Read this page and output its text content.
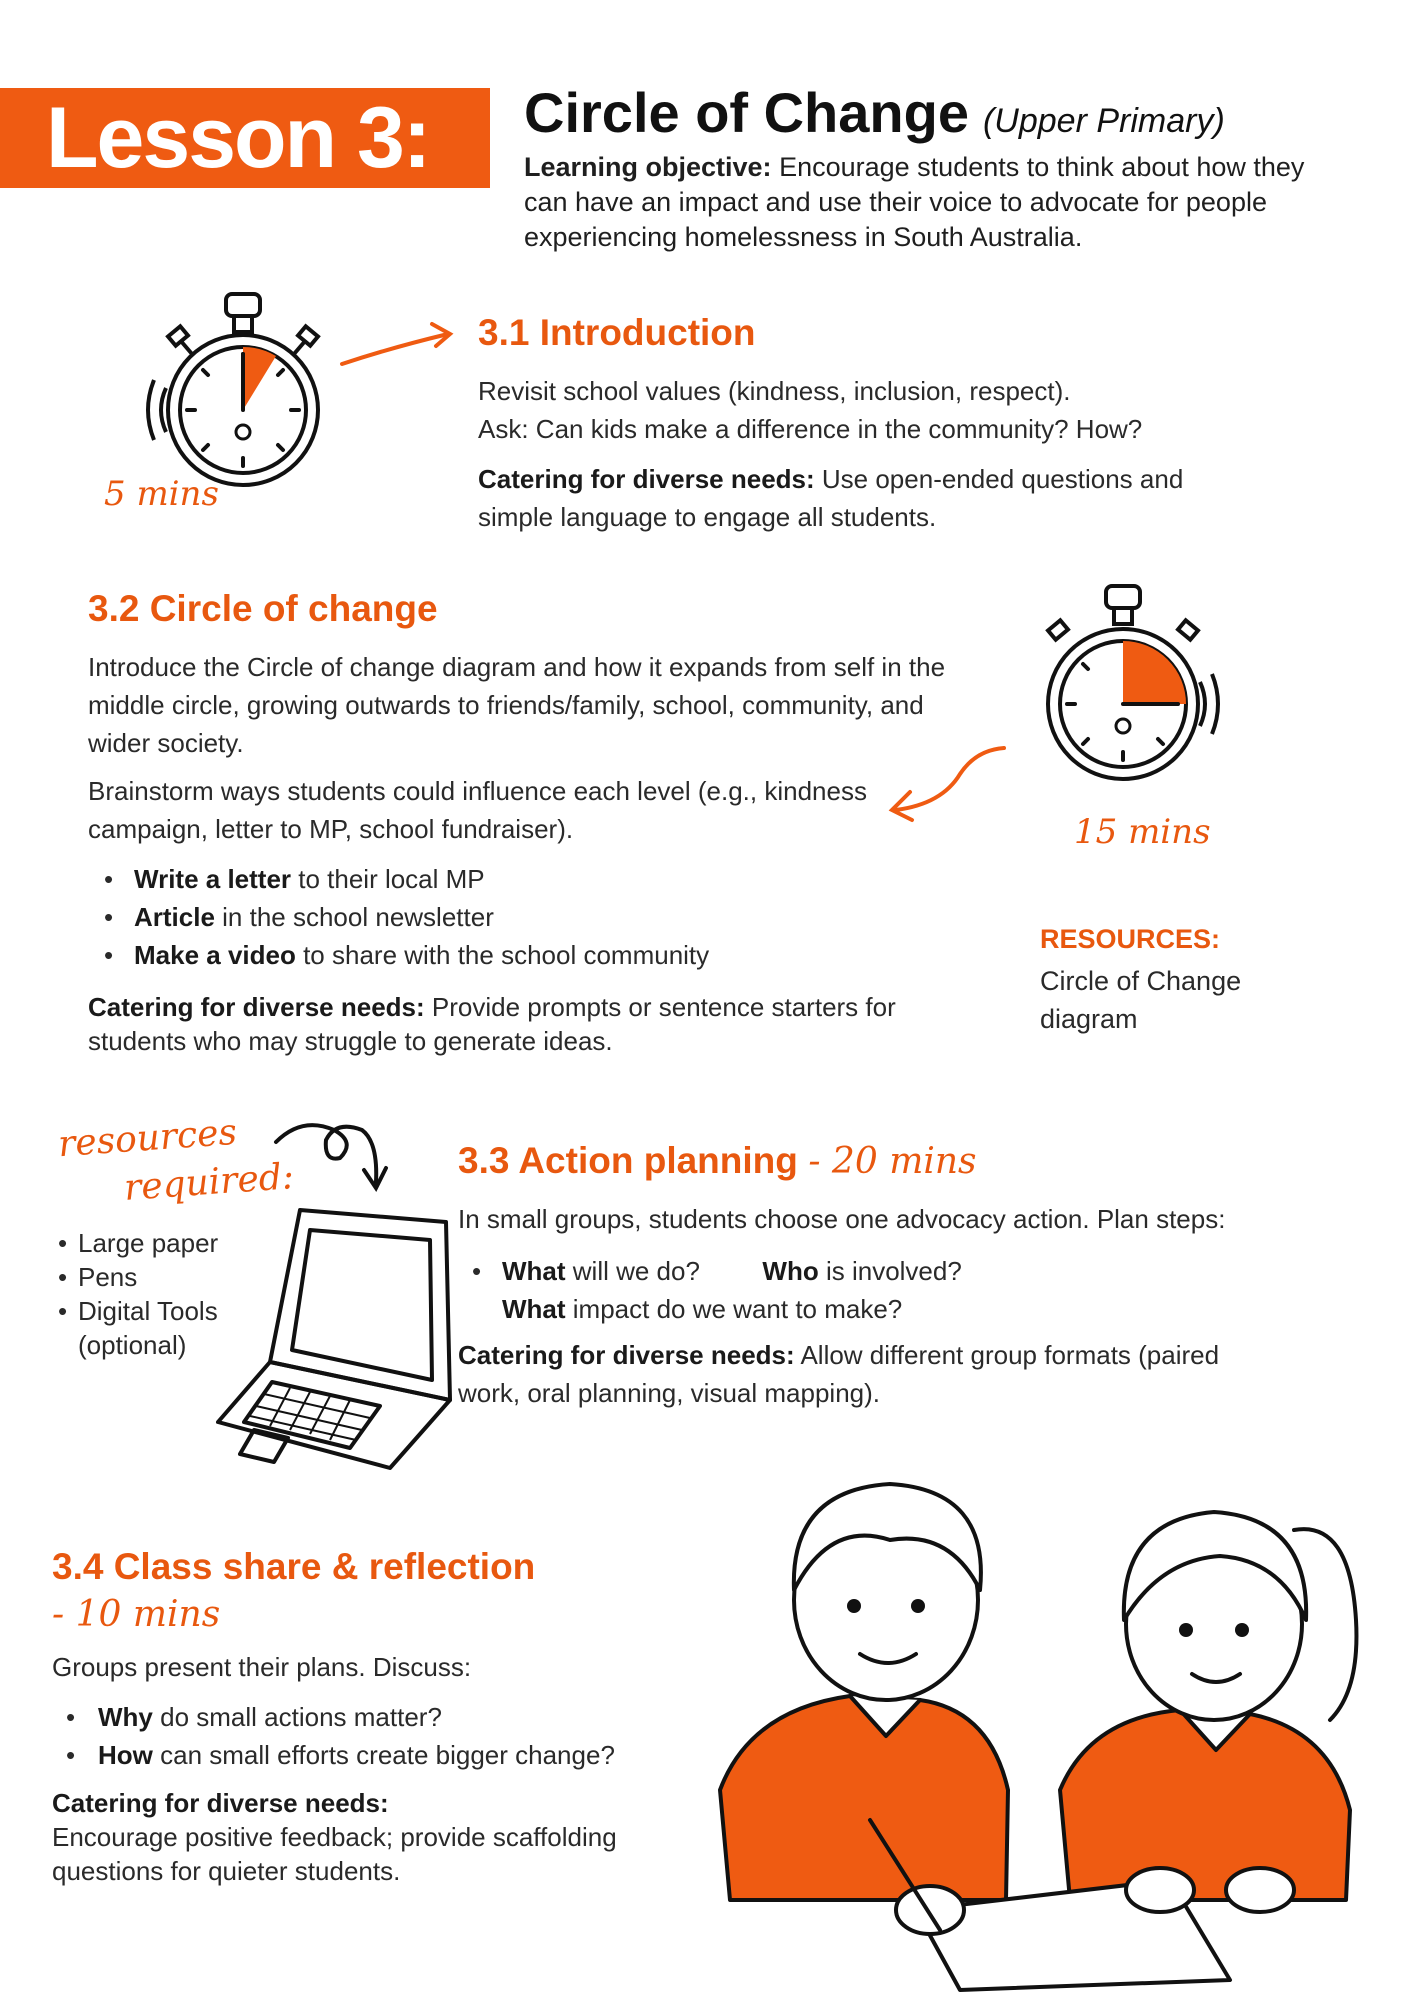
Lesson 3: Circle of Change (Upper Primary)
Learning objective: Encourage students to think about how they can have an impact and use their voice to advocate for people experiencing homelessness in South Australia.
5 mins
3.1 Introduction
Revisit school values (kindness, inclusion, respect).
Ask: Can kids make a difference in the community? How?
Catering for diverse needs: Use open-ended questions and simple language to engage all students.
3.2 Circle of change
Introduce the Circle of change diagram and how it expands from self in the middle circle, growing outwards to friends/family, school, community, and wider society.
Brainstorm ways students could influence each level (e.g., kindness campaign, letter to MP, school fundraiser).
• Write a letter to their local MP
• Article in the school newsletter
• Make a video to share with the school community
Catering for diverse needs: Provide prompts or sentence starters for students who may struggle to generate ideas.
15 mins
RESOURCES:
Circle of Change diagram
resources
required:
• Large paper
• Pens
• Digital Tools (optional)
3.3 Action planning - 20 mins
In small groups, students choose one advocacy action. Plan steps:
• What will we do? Who is involved?
What impact do we want to make?
Catering for diverse needs: Allow different group formats (paired work, oral planning, visual mapping).
3.4 Class share & reflection
- 10 mins
Groups present their plans. Discuss:
• Why do small actions matter?
• How can small efforts create bigger change?
Catering for diverse needs:
Encourage positive feedback; provide scaffolding questions for quieter students.
